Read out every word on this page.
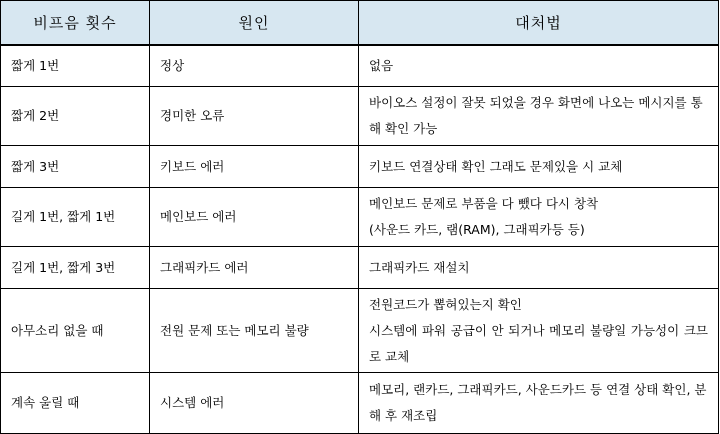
비프음 횟수	원인	대처법
짧게 1번	정상	없음

짧게 2번	경미한 오류	바이오스 설정이 잘못 되었을 경우 화면에 나오는 메시지를 통해 확인 가능
짧게 3번	키보드 에러	키보드 연결상태 확인 그래도 문제있을 시 교체

길게 1번, 짧게 1번	메인보드 에러	메인보드 문제로 부품을 다 뺐다 다시 창착
(사운드 카드, 램(RAM), 그래픽카등 등)

길게 1번, 짧게 3번	그래픽카드 에러	그래픽카드 재설치

아무소리 없을 때	전원 문제 또는 메모리 불량	전원코드가 뽑혀있는지 확인
시스템에 파워 공급이 안 되거나 메모리 불량일 가능성이 크므로 교체

계속 울릴 때	시스템 에러	메모리, 랜카드, 그래픽카드, 사운드카드 등 연결 상태 확인, 분해 후 재조립
